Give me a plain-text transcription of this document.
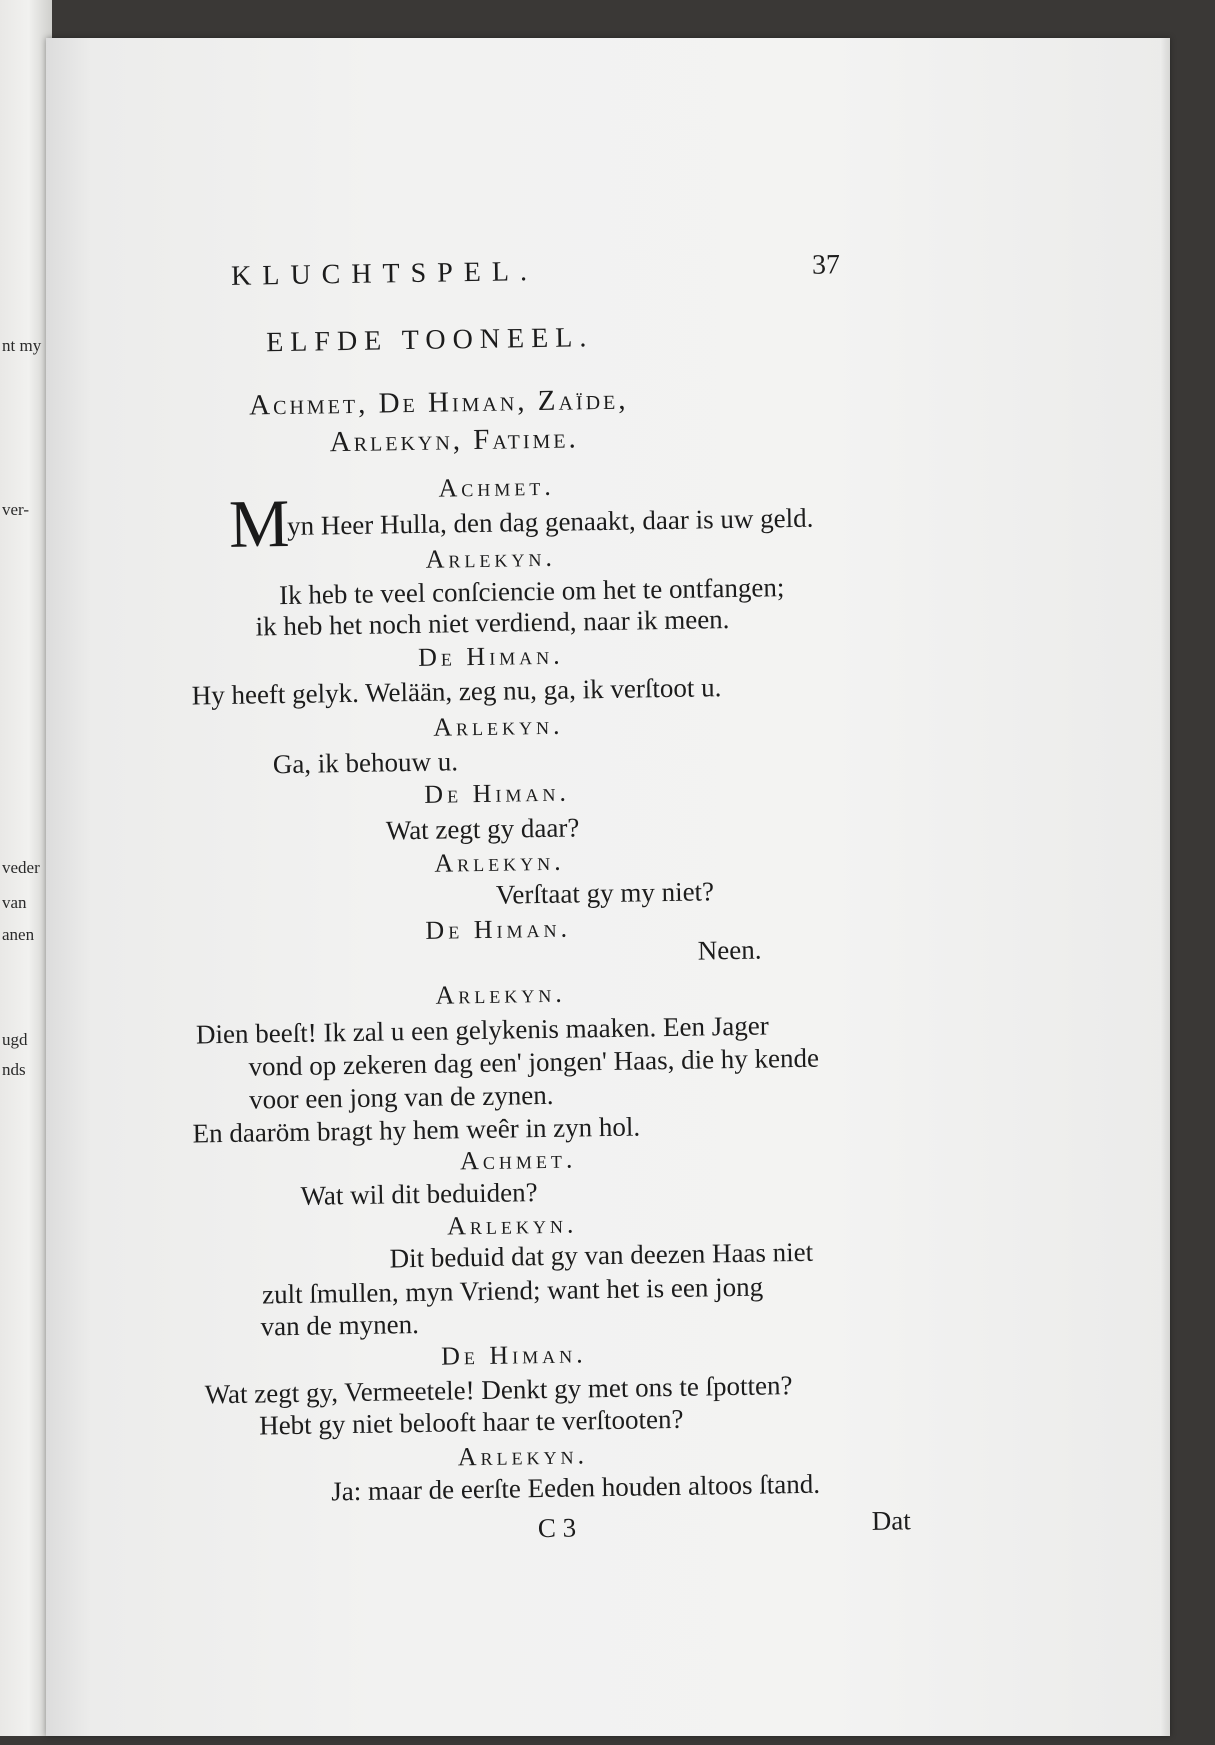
nt my
ver-
veder
van
anen
ugd
nds
KLUCHTSPEL.	37
ELFDE TOONEEL.
Achmet, De Himan, Zaïde,
Arlekyn, Fatime.
M	Achmet.
yn Heer Hulla, den dag genaakt, daar is uw geld.
Arlekyn.
Ik heb te veel conſciencie om het te ontfangen;
ik heb het noch niet verdiend, naar ik meen.
De Himan.
Hy heeft gelyk. Welään, zeg nu, ga, ik verſtoot u.
Arlekyn.
Ga, ik behouw u.
De Himan.
Wat zegt gy daar?
Arlekyn.
Verſtaat gy my niet?
De Himan.
Neen.
Arlekyn.
Dien beeſt! Ik zal u een gelykenis maaken. Een Jager
vond op zekeren dag een' jongen' Haas, die hy kende
voor een jong van de zynen.
En daaröm bragt hy hem weêr in zyn hol.
Achmet.
Wat wil dit beduiden?
Arlekyn.
Dit beduid dat gy van deezen Haas niet
zult ſmullen, myn Vriend; want het is een jong
van de mynen.
De Himan.
Wat zegt gy, Vermeetele! Denkt gy met ons te ſpotten?
Hebt gy niet belooft haar te verſtooten?
Arlekyn.
Ja: maar de eerſte Eeden houden altoos ſtand.
C 3	Dat
